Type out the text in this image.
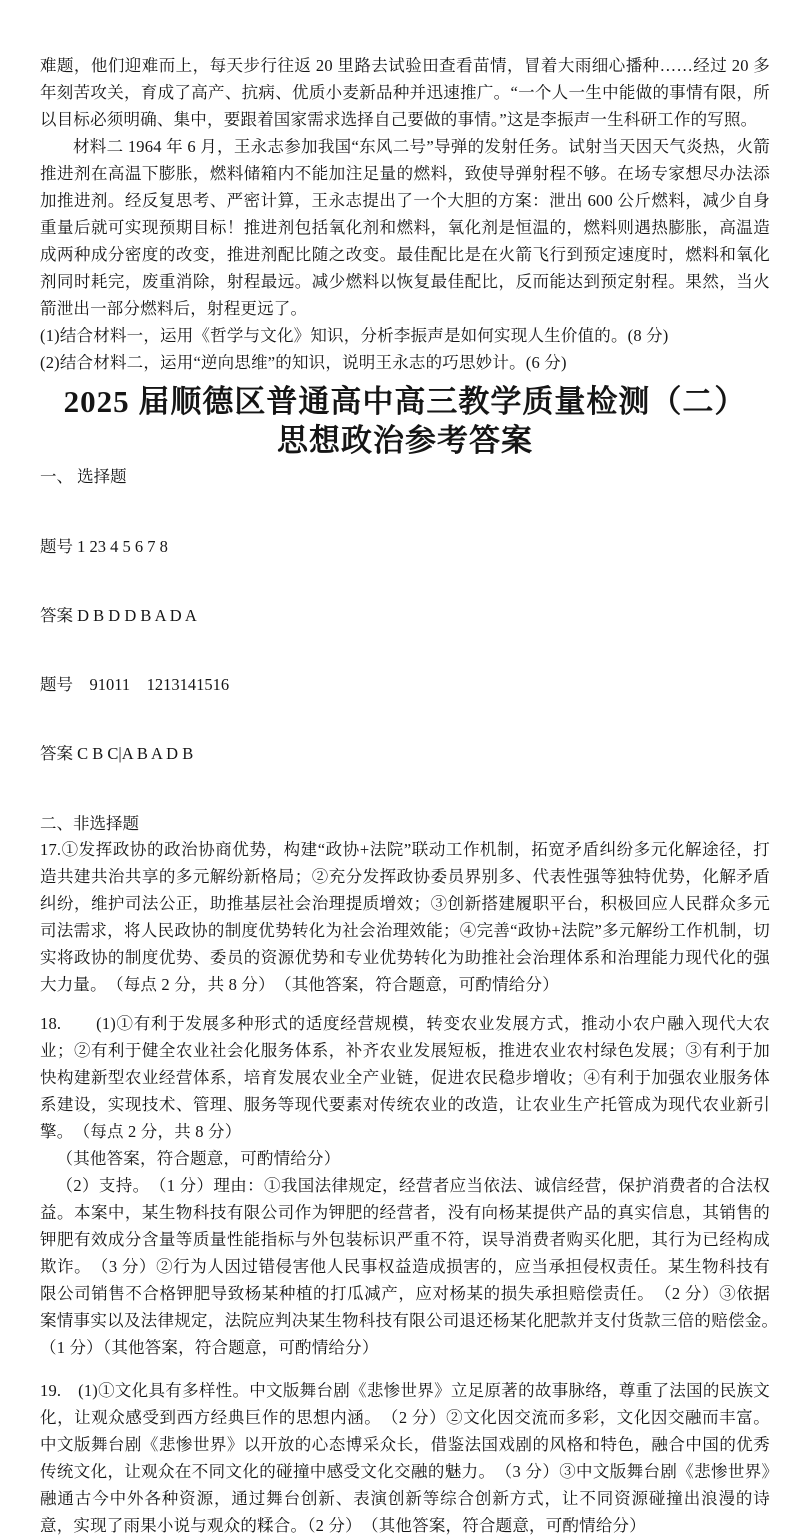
难题，他们迎难而上，每天步行往返 20 里路去试验田查看苗情，冒着大雨细心播种……经过 20 多年刻苦攻关，育成了高产、抗病、优质小麦新品种并迅速推广。“一个人一生中能做的事情有限，所以目标必须明确、集中，要跟着国家需求选择自己要做的事情。”这是李振声一生科研工作的写照。

材料二 1964 年 6 月，王永志参加我国“东风二号”导弹的发射任务。试射当天因天气炎热，火箭推进剂在高温下膨胀，燃料储箱内不能加注足量的燃料，致使导弹射程不够。在场专家想尽办法添加推进剂。经反复思考、严密计算，王永志提出了一个大胆的方案：泄出 600 公斤燃料，减少自身重量后就可实现预期目标！推进剂包括氧化剂和燃料，氧化剂是恒温的，燃料则遇热膨胀，高温造成两种成分密度的改变，推进剂配比随之改变。最佳配比是在火箭飞行到预定速度时，燃料和氧化剂同时耗完，废重消除，射程最远。减少燃料以恢复最佳配比，反而能达到预定射程。果然，当火箭泄出一部分燃料后，射程更远了。

(1)结合材料一，运用《哲学与文化》知识，分析李振声是如何实现人生价值的。(8 分)

(2)结合材料二，运用“逆向思维”的知识，说明王永志的巧思妙计。(6 分)

2025 届顺德区普通高中高三教学质量检测（二）
思想政治参考答案
一、 选择题

题号 1 23 4 5 6 7 8

答案 D B D D B A D A

题号　91011　1213141516

答案 C B C|A B A D B

二、非选择题

17.①发挥政协的政治协商优势，构建“政协+法院”联动工作机制，拓宽矛盾纠纷多元化解途径，打造共建共治共享的多元解纷新格局；②充分发挥政协委员界别多、代表性强等独特优势，化解矛盾纠纷，维护司法公正，助推基层社会治理提质增效；③创新搭建履职平台，积极回应人民群众多元司法需求，将人民政协的制度优势转化为社会治理效能；④完善“政协+法院”多元解纷工作机制，切实将政协的制度优势、委员的资源优势和专业优势转化为助推社会治理体系和治理能力现代化的强大力量。　（每点 2 分，共 8 分）　（其他答案，符合题意，可酌情给分）

18.　　(1)①有利于发展多种形式的适度经营规模，转变农业发展方式，推动小农户融入现代大农业；②有利于健全农业社会化服务体系，补齐农业发展短板，推进农业农村绿色发展；③有利于加快构建新型农业经营体系，培育发展农业全产业链，促进农民稳步增收；④有利于加强农业服务体系建设，实现技术、管理、服务等现代要素对传统农业的改造，让农业生产托管成为现代农业新引擎。　（每点 2 分，共 8 分）

（其他答案，符合题意，可酌情给分）

（2）支持。　（1 分）理由：①我国法律规定，经营者应当依法、诚信经营，保护消费者的合法权益。本案中，某生物科技有限公司作为钾肥的经营者，没有向杨某提供产品的真实信息，其销售的钾肥有效成分含量等质量性能指标与外包装标识严重不符，误导消费者购买化肥，其行为已经构成欺诈。　（3 分）②行为人因过错侵害他人民事权益造成损害的，应当承担侵权责任。某生物科技有限公司销售不合格钾肥导致杨某种植的打瓜减产，应对杨某的损失承担赔偿责任。　（2 分）③依据案情事实以及法律规定，法院应判决某生物科技有限公司退还杨某化肥款并支付货款三倍的赔偿金。　（1 分）（其他答案，符合题意，可酌情给分）

19.　(1)①文化具有多样性。中文版舞台剧《悲惨世界》立足原著的故事脉络，尊重了法国的民族文化，让观众感受到西方经典巨作的思想内涵。　（2 分）②文化因交流而多彩，文化因交融而丰富。中文版舞台剧《悲惨世界》以开放的心态博采众长，借鉴法国戏剧的风格和特色，融合中国的优秀传统文化，让观众在不同文化的碰撞中感受文化交融的魅力。　（3 分）③中文版舞台剧《悲惨世界》融通古今中外各种资源，通过舞台创新、表演创新等综合创新方式，让不同资源碰撞出浪漫的诗意，实现了雨果小说与观众的糅合。（2 分）　（其他答案，符合题意，可酌情给分）
